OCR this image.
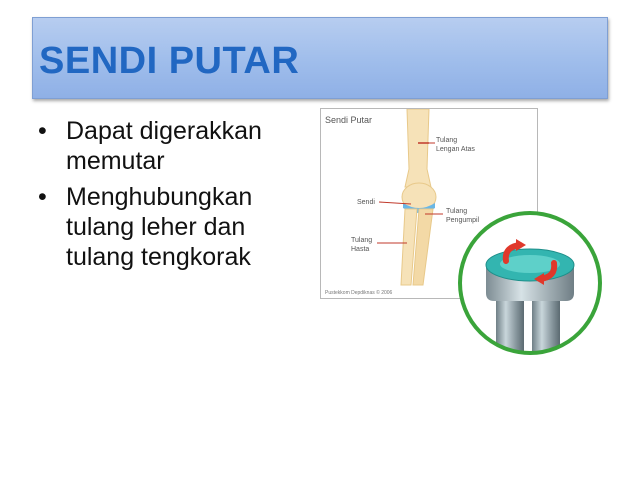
SENDI PUTAR
• Dapat digerakkan memutar
• Menghubungkan tulang leher dan tulang tengkorak
Sendi Putar
Tulang
Lengan Atas
Sendi
Tulang
Pengumpil
Tulang
Hasta
Pustekkom Depdiknas © 2006
